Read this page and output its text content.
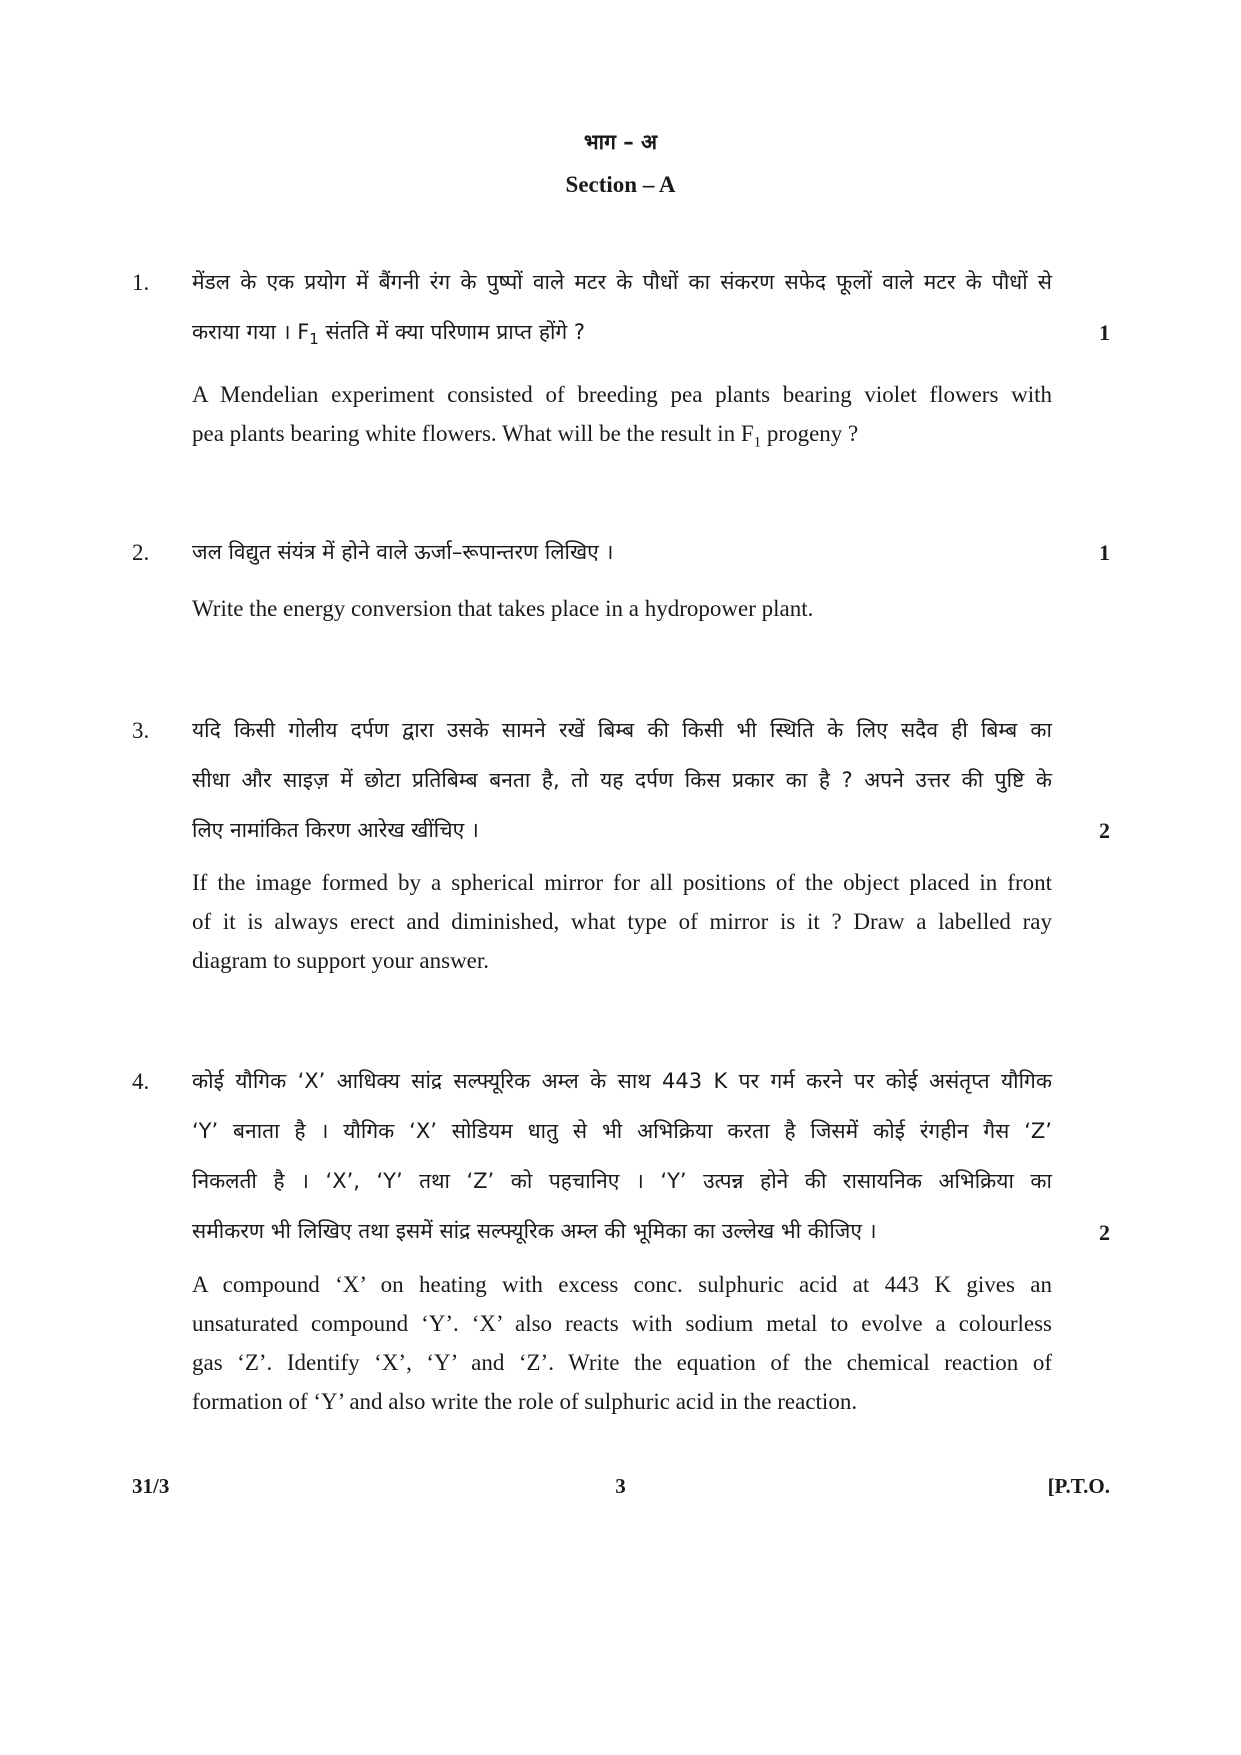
भाग – अ
Section – A
1. मेंडल के एक प्रयोग में बैंगनी रंग के पुष्पों वाले मटर के पौधों का संकरण सफेद फूलों वाले मटर के पौधों से
कराया गया । $F_1$ संतति में क्या परिणाम प्राप्त होंगे ?	1
A Mendelian experiment consisted of breeding pea plants bearing violet flowers with
pea plants bearing white flowers. What will be the result in $F_1$ progeny ?
2. जल विद्युत संयंत्र में होने वाले ऊर्जा–रूपान्तरण लिखिए ।	1
Write the energy conversion that takes place in a hydropower plant.
3. यदि किसी गोलीय दर्पण द्वारा उसके सामने रखें बिम्ब की किसी भी स्थिति के लिए सदैव ही बिम्ब का
सीधा और साइज़ में छोटा प्रतिबिम्ब बनता है, तो यह दर्पण किस प्रकार का है ? अपने उत्तर की पुष्टि के
लिए नामांकित किरण आरेख खींचिए ।	2
If the image formed by a spherical mirror for all positions of the object placed in front
of it is always erect and diminished, what type of mirror is it ? Draw a labelled ray
diagram to support your answer.
4. कोई यौगिक ‘X’ आधिक्य सांद्र सल्फ्यूरिक अम्ल के साथ 443 K पर गर्म करने पर कोई असंतृप्त यौगिक
‘Y’ बनाता है । यौगिक ‘X’ सोडियम धातु से भी अभिक्रिया करता है जिसमें कोई रंगहीन गैस ‘Z’
निकलती है । ‘X’, ‘Y’ तथा ‘Z’ को पहचानिए । ‘Y’ उत्पन्न होने की रासायनिक अभिक्रिया का
समीकरण भी लिखिए तथा इसमें सांद्र सल्फ्यूरिक अम्ल की भूमिका का उल्लेख भी कीजिए ।	2
A compound ‘X’ on heating with excess conc. sulphuric acid at 443 K gives an
unsaturated compound ‘Y’. ‘X’ also reacts with sodium metal to evolve a colourless
gas ‘Z’. Identify ‘X’, ‘Y’ and ‘Z’. Write the equation of the chemical reaction of
formation of ‘Y’ and also write the role of sulphuric acid in the reaction.
31/3	3	[P.T.O.
